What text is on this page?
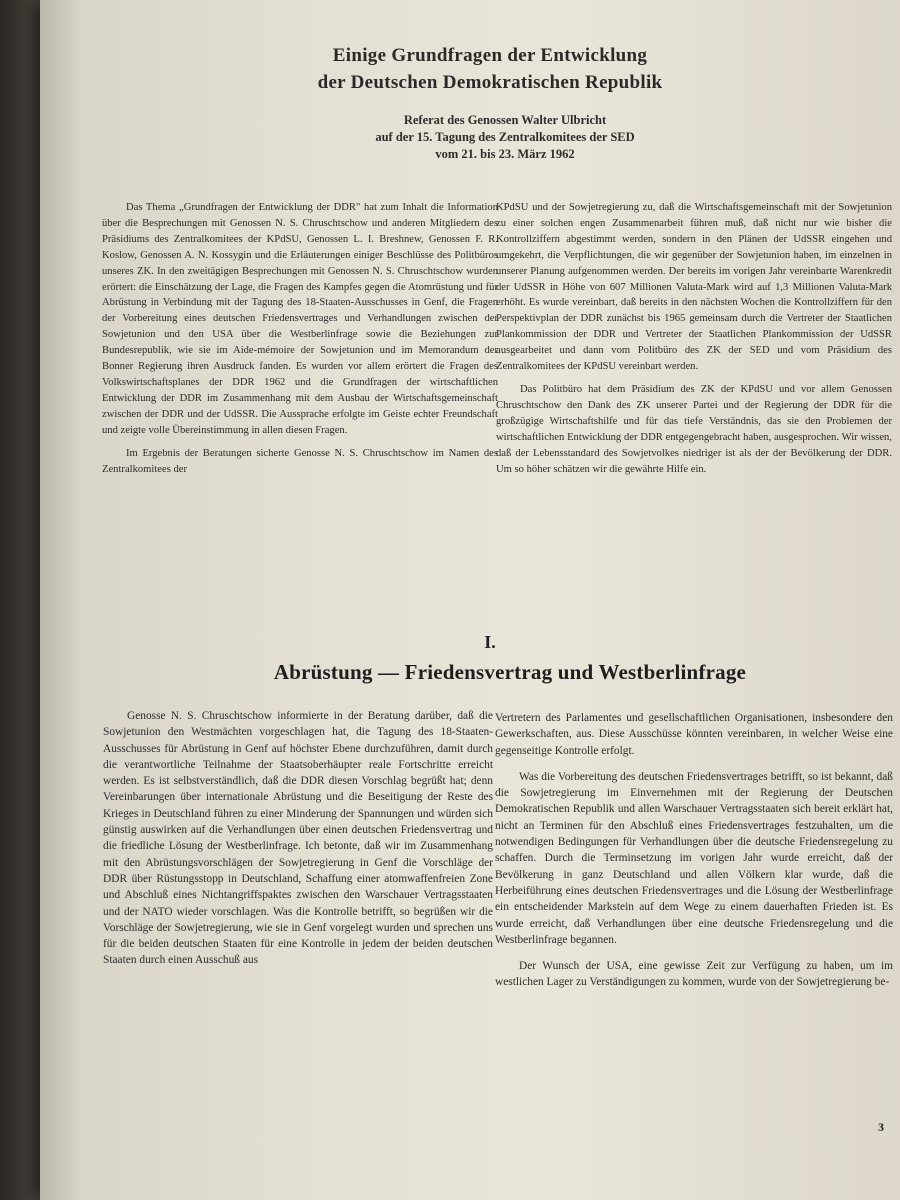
Einige Grundfragen der Entwicklung
der Deutschen Demokratischen Republik
Referat des Genossen Walter Ulbricht
auf der 15. Tagung des Zentralkomitees der SED
vom 21. bis 23. März 1962

Das Thema „Grundfragen der Entwicklung der DDR" hat zum Inhalt die Information über die Besprechungen mit Genossen N. S. Chruschtschow und anderen Mitgliedern des Präsidiums des Zentralkomitees der KPdSU, Genossen L. I. Breshnew, Genossen F. R. Koslow, Genossen A. N. Kossygin und die Erläuterungen einiger Beschlüsse des Politbüros unseres ZK. In den zweitägigen Besprechungen mit Genossen N. S. Chruschtschow wurden erörtert: die Einschätzung der Lage, die Fragen des Kampfes gegen die Atomrüstung und für Abrüstung in Verbindung mit der Tagung des 18-Staaten-Ausschusses in Genf, die Fragen der Vorbereitung eines deutschen Friedensvertrages und Verhandlungen zwischen der Sowjetunion und den USA über die Westberlinfrage sowie die Beziehungen zur Bundesrepublik, wie sie im Aide-mémoire der Sowjetunion und im Memorandum der Bonner Regierung ihren Ausdruck fanden. Es wurden vor allem erörtert die Fragen des Volkswirtschaftsplanes der DDR 1962 und die Grundfragen der wirtschaftlichen Entwicklung der DDR im Zusammenhang mit dem Ausbau der Wirtschaftsgemeinschaft zwischen der DDR und der UdSSR. Die Aussprache erfolgte im Geiste echter Freundschaft und zeigte volle Übereinstimmung in allen diesen Fragen.

Im Ergebnis der Beratungen sicherte Genosse N. S. Chruschtschow im Namen des Zentralkomitees der

KPdSU und der Sowjetregierung zu, daß die Wirtschaftsgemeinschaft mit der Sowjetunion zu einer solchen engen Zusammenarbeit führen muß, daß nicht nur wie bisher die Kontrollziffern abgestimmt werden, sondern in den Plänen der UdSSR eingehen und umgekehrt, die Verpflichtungen, die wir gegenüber der Sowjetunion haben, im einzelnen in unserer Planung aufgenommen werden. Der bereits im vorigen Jahr vereinbarte Warenkredit der UdSSR in Höhe von 607 Millionen Valuta-Mark wird auf 1,3 Millionen Valuta-Mark erhöht. Es wurde vereinbart, daß bereits in den nächsten Wochen die Kontrollziffern für den Perspektivplan der DDR zunächst bis 1965 gemeinsam durch die Vertreter der Staatlichen Plankommission der DDR und Vertreter der Staatlichen Plankommission der UdSSR ausgearbeitet und dann vom Politbüro des ZK der SED und vom Präsidium des Zentralkomitees der KPdSU vereinbart werden.

Das Politbüro hat dem Präsidium des ZK der KPdSU und vor allem Genossen Chruschtschow den Dank des ZK unserer Partei und der Regierung der DDR für die großzügige Wirtschaftshilfe und für das tiefe Verständnis, das sie den Problemen der wirtschaftlichen Entwicklung der DDR entgegengebracht haben, ausgesprochen. Wir wissen, daß der Lebensstandard des Sowjetvolkes niedriger ist als der der Bevölkerung der DDR. Um so höher schätzen wir die gewährte Hilfe ein.

I.
Abrüstung — Friedensvertrag und Westberlinfrage

Genosse N. S. Chruschtschow informierte in der Beratung darüber, daß die Sowjetunion den Westmächten vorgeschlagen hat, die Tagung des 18-Staaten-Ausschusses für Abrüstung in Genf auf höchster Ebene durchzuführen, damit durch die verantwortliche Teilnahme der Staatsoberhäupter reale Fortschritte erreicht werden. Es ist selbstverständlich, daß die DDR diesen Vorschlag begrüßt hat; denn Vereinbarungen über internationale Abrüstung und die Beseitigung der Reste des Krieges in Deutschland führen zu einer Minderung der Spannungen und würden sich günstig auswirken auf die Verhandlungen über einen deutschen Friedensvertrag und die friedliche Lösung der Westberlinfrage. Ich betonte, daß wir im Zusammenhang mit den Abrüstungsvorschlägen der Sowjetregierung in Genf die Vorschläge der DDR über Rüstungsstopp in Deutschland, Schaffung einer atomwaffenfreien Zone und Abschluß eines Nichtangriffspaktes zwischen den Warschauer Vertragsstaaten und der NATO wieder vorschlagen. Was die Kontrolle betrifft, so begrüßen wir die Vorschläge der Sowjetregierung, wie sie in Genf vorgelegt wurden und sprechen uns für die beiden deutschen Staaten für eine Kontrolle in jedem der beiden deutschen Staaten durch einen Ausschuß aus

Vertretern des Parlamentes und gesellschaftlichen Organisationen, insbesondere den Gewerkschaften, aus. Diese Ausschüsse könnten vereinbaren, in welcher Weise eine gegenseitige Kontrolle erfolgt.

Was die Vorbereitung des deutschen Friedensvertrages betrifft, so ist bekannt, daß die Sowjetregierung im Einvernehmen mit der Regierung der Deutschen Demokratischen Republik und allen Warschauer Vertragsstaaten sich bereit erklärt hat, nicht an Terminen für den Abschluß eines Friedensvertrages festzuhalten, um die notwendigen Bedingungen für Verhandlungen über die deutsche Friedensregelung zu schaffen. Durch die Terminsetzung im vorigen Jahr wurde erreicht, daß der Bevölkerung in ganz Deutschland und allen Völkern klar wurde, daß die Herbeiführung eines deutschen Friedensvertrages und die Lösung der Westberlinfrage ein entscheidender Markstein auf dem Wege zu einem dauerhaften Frieden ist. Es wurde erreicht, daß Verhandlungen über eine deutsche Friedensregelung und die Westberlinfrage begannen.

Der Wunsch der USA, eine gewisse Zeit zur Verfügung zu haben, um im westlichen Lager zu Verständigungen zu kommen, wurde von der Sowjetregierung be-

3
